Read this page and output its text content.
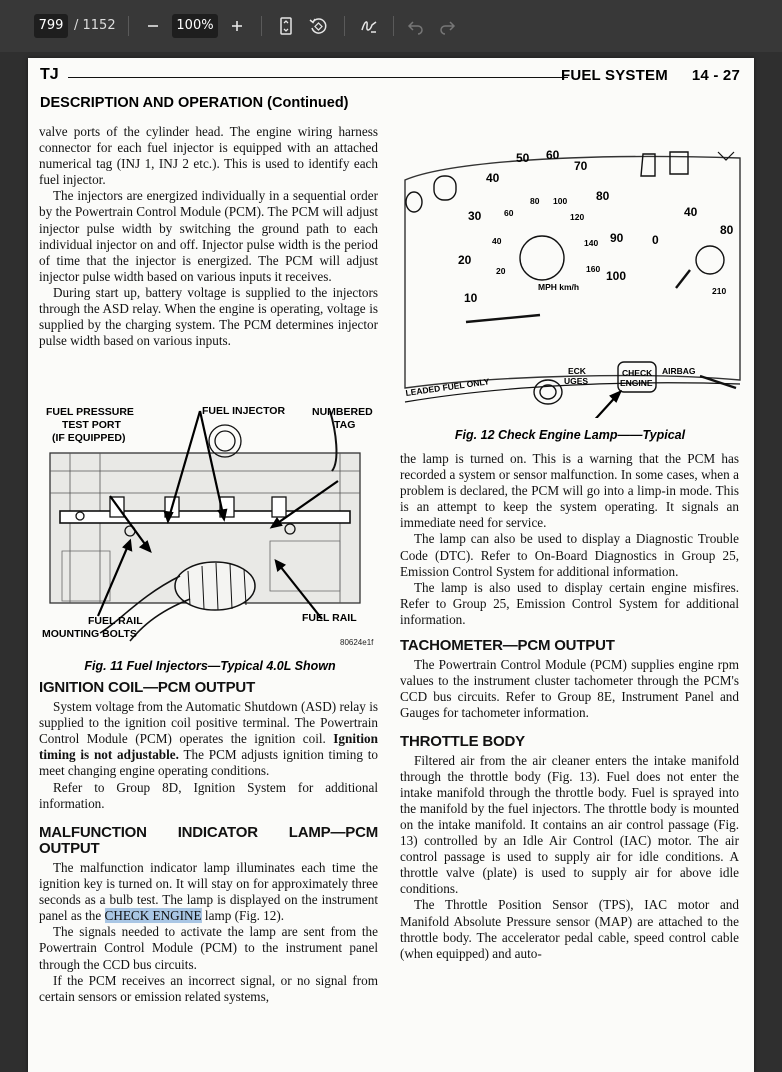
799 / 1152	100%
TJ	FUEL SYSTEM 14 - 27
DESCRIPTION AND OPERATION (Continued)

valve ports of the cylinder head. The engine wiring harness connector for each fuel injector is equipped with an attached numerical tag (INJ 1, INJ 2 etc.). This is used to identify each fuel injector.

The injectors are energized individually in a sequential order by the Powertrain Control Module (PCM). The PCM will adjust injector pulse width by switching the ground path to each individual injector on and off. Injector pulse width is the period of time that the injector is energized. The PCM will adjust injector pulse width based on various inputs it receives.

During start up, battery voltage is supplied to the injectors through the ASD relay. When the engine is operating, voltage is supplied by the charging system. The PCM determines injector pulse width based on various inputs.

FUEL PRESSURE
TEST PORT
(IF EQUIPPED)
FUEL INJECTOR	NUMBERED
TAG
FUEL RAIL
MOUNTING BOLTS
FUEL RAIL
80624e1f
Fig. 11 Fuel Injectors—Typical 4.0L Shown
IGNITION COIL—PCM OUTPUT

System voltage from the Automatic Shutdown (ASD) relay is supplied to the ignition coil positive terminal. The Powertrain Control Module (PCM) operates the ignition coil. Ignition timing is not adjustable. The PCM adjusts ignition timing to meet changing engine operating conditions.

Refer to Group 8D, Ignition System for additional information.

MALFUNCTION INDICATOR LAMP—PCM OUTPUT

The malfunction indicator lamp illuminates each time the ignition key is turned on. It will stay on for approximately three seconds as a bulb test. The lamp is displayed on the instrument panel as the CHECK ENGINE lamp (Fig. 12).

The signals needed to activate the lamp are sent from the Powertrain Control Module (PCM) to the instrument panel through the CCD bus circuits.

If the PCM receives an incorrect signal, or no signal from certain sensors or emission related systems,

50 60
70
40
30
20
10
80
90
100
40
80
0
80 100
120
140
160
60
40
20
MPH km/h	210
LEADED FUEL ONLY
ECK
UGES
CHECK
ENGINE
AIRBAG
Fig. 12 Check Engine Lamp——Typical

the lamp is turned on. This is a warning that the PCM has recorded a system or sensor malfunction. In some cases, when a problem is declared, the PCM will go into a limp-in mode. This is an attempt to keep the system operating. It signals an immediate need for service.

The lamp can also be used to display a Diagnostic Trouble Code (DTC). Refer to On-Board Diagnostics in Group 25, Emission Control System for additional information.

The lamp is also used to display certain engine misfires. Refer to Group 25, Emission Control System for additional information.

TACHOMETER—PCM OUTPUT

The Powertrain Control Module (PCM) supplies engine rpm values to the instrument cluster tachometer through the PCM's CCD bus circuits. Refer to Group 8E, Instrument Panel and Gauges for tachometer information.

THROTTLE BODY

Filtered air from the air cleaner enters the intake manifold through the throttle body (Fig. 13). Fuel does not enter the intake manifold through the throttle body. Fuel is sprayed into the manifold by the fuel injectors. The throttle body is mounted on the intake manifold. It contains an air control passage (Fig. 13) controlled by an Idle Air Control (IAC) motor. The air control passage is used to supply air for idle conditions. A throttle valve (plate) is used to supply air for above idle conditions.

The Throttle Position Sensor (TPS), IAC motor and Manifold Absolute Pressure sensor (MAP) are attached to the throttle body. The accelerator pedal cable, speed control cable (when equipped) and auto-
